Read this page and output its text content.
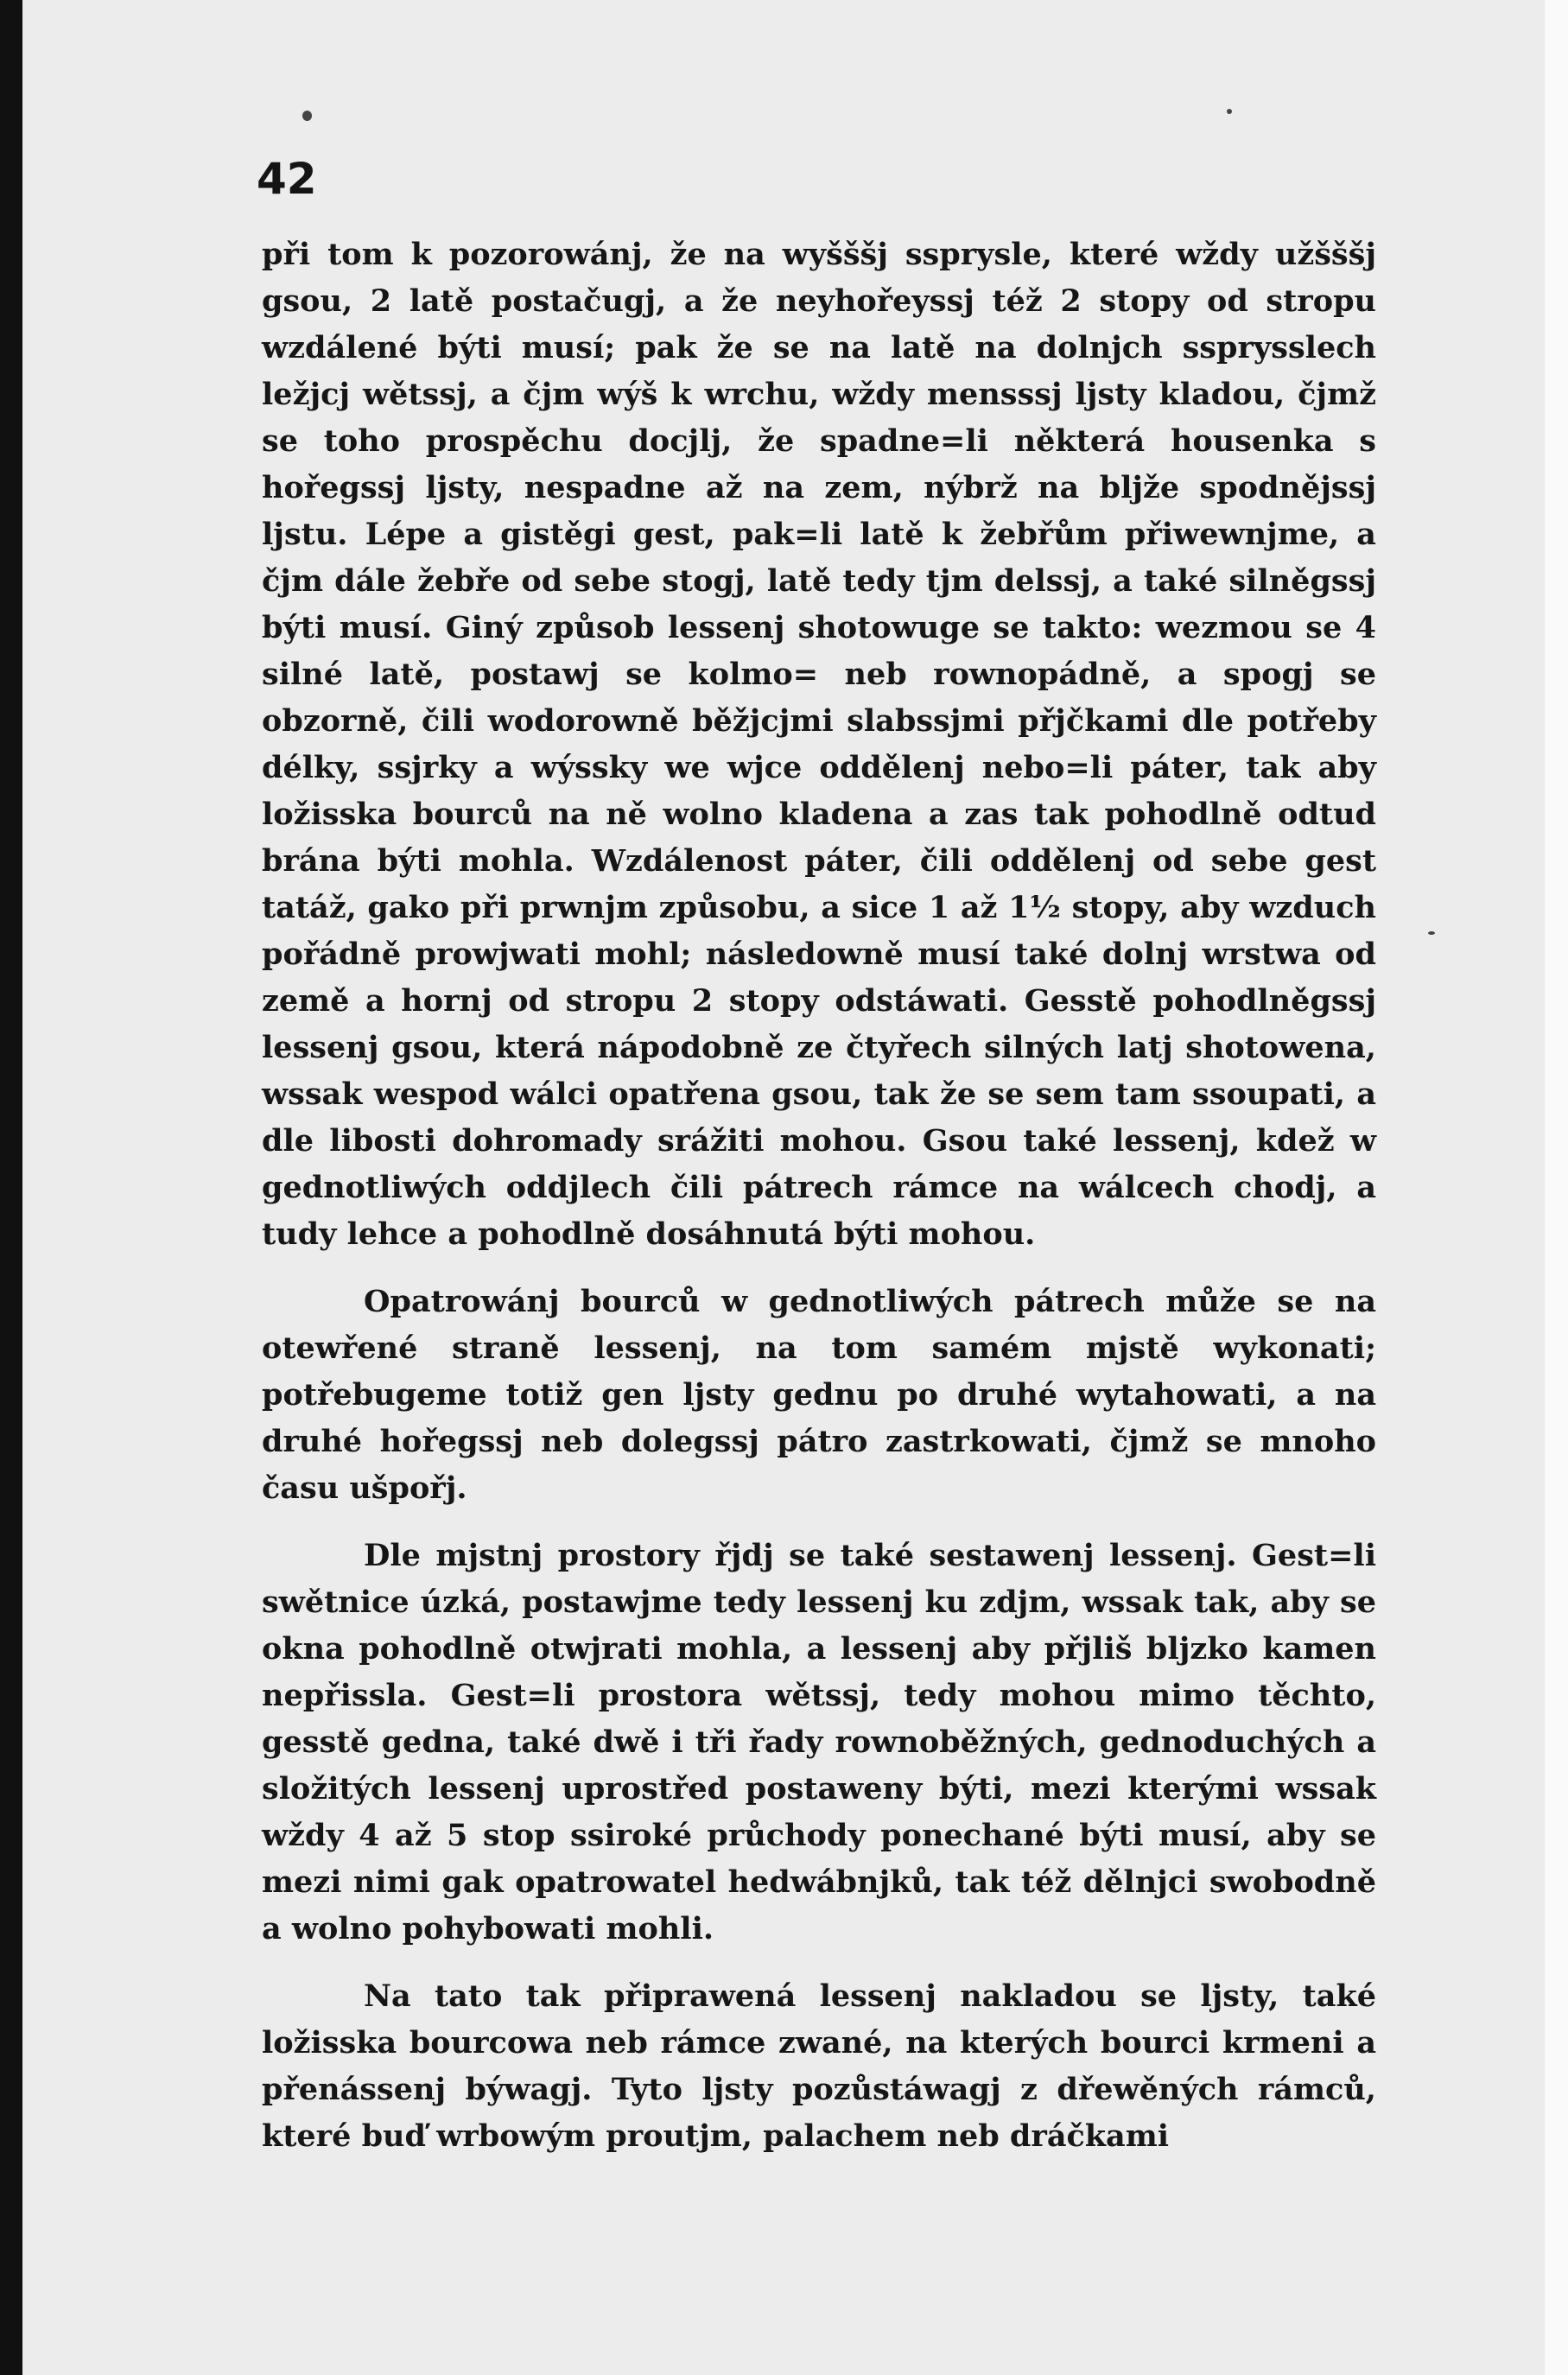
42

při tom k pozorowánj, že na wyšššj ssprysle, které wždy užšššj gsou, 2 latě postačugj, a že neyhořeyssj též 2 stopy od stropu wzdálené býti musí; pak že se na latě na dolnjch ssprysslech ležjcj wětssj, a čjm wýš k wrchu, wždy mensssj ljsty kladou, čjmž se toho prospěchu docjlj, že spadne=li některá housenka s hořegssj ljsty, nespadne až na zem, nýbrž na bljže spodnějssj ljstu. Lépe a gistěgi gest, pak=li latě k žebřům přiwewnjme, a čjm dále žebře od sebe stogj, latě tedy tjm delssj, a také silněgssj býti musí. Giný způsob lessenj shotowuge se takto: wezmou se 4 silné latě, postawj se kolmo= neb rownopádně, a spogj se obzorně, čili wodorowně běžjcjmi slabssjmi přjčkami dle potřeby délky, ssjrky a wýssky we wjce oddělenj nebo=li páter, tak aby ložisska bourců na ně wolno kladena a zas tak pohodlně odtud brána býti mohla. Wzdálenost páter, čili oddělenj od sebe gest tatáž, gako při prwnjm způsobu, a sice 1 až 1½ stopy, aby wzduch pořádně prowjwati mohl; následowně musí také dolnj wrstwa od země a hornj od stropu 2 stopy odstáwati. Gesstě pohodlněgssj lessenj gsou, která nápodobně ze čtyřech silných latj shotowena, wssak wespod wálci opatřena gsou, tak že se sem tam ssoupati, a dle libosti dohromady srážiti mohou. Gsou také lessenj, kdež w gednotliwých oddjlech čili pátrech rámce na wálcech chodj, a tudy lehce a pohodlně dosáhnutá býti mohou.

Opatrowánj bourců w gednotliwých pátrech může se na otewřené straně lessenj, na tom samém mjstě wykonati; potřebugeme totiž gen ljsty gednu po druhé wytahowati, a na druhé hořegssj neb dolegssj pátro zastrkowati, čjmž se mnoho času ušpořj.

Dle mjstnj prostory řjdj se také sestawenj lessenj. Gest=li swětnice úzká, postawjme tedy lessenj ku zdjm, wssak tak, aby se okna pohodlně otwjrati mohla, a lessenj aby přjliš bljzko kamen nepřissla. Gest=li prostora wětssj, tedy mohou mimo těchto, gesstě gedna, také dwě i tři řady rownoběžných, gednoduchých a složitých lessenj uprostřed postaweny býti, mezi kterými wssak wždy 4 až 5 stop ssiroké průchody ponechané býti musí, aby se mezi nimi gak opatrowatel hedwábnjků, tak též dělnjci swobodně a wolno pohybowati mohli.

Na tato tak připrawená lessenj nakladou se ljsty, také ložisska bourcowa neb rámce zwané, na kterých bourci krmeni a přenássenj býwagj. Tyto ljsty pozůstáwagj z dřewěných rámců, které buď wrbowým proutjm, palachem neb dráčkami
